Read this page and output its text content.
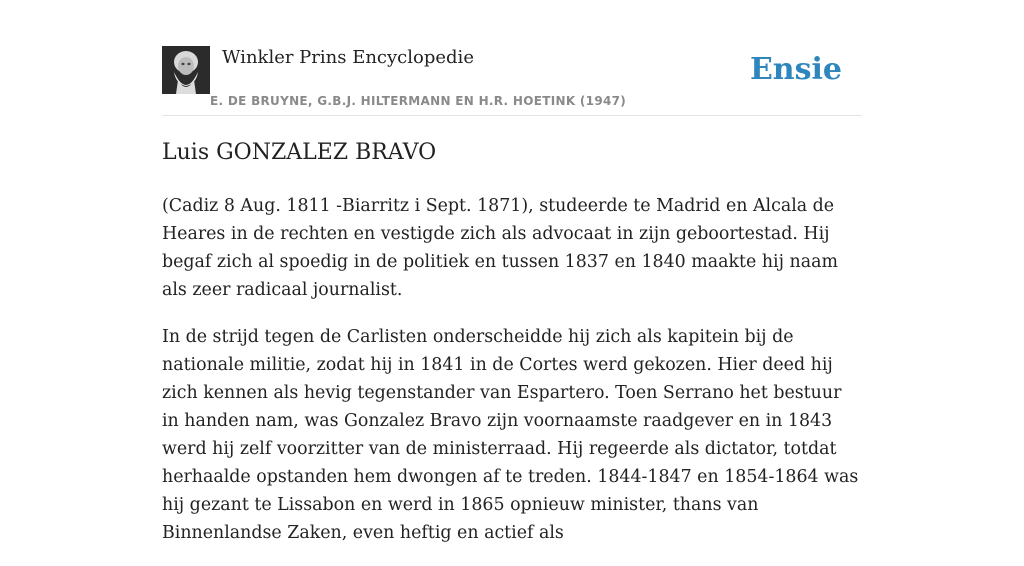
Winkler Prins Encyclopedie
E. DE BRUYNE, G.B.J. HILTERMANN EN H.R. HOETINK (1947)
Ensie
Luis GONZALEZ BRAVO

(Cadiz 8 Aug. 1811 -Biarritz i Sept. 1871), studeerde te Madrid en Alcala de Heares in de rechten en vestigde zich als advocaat in zijn geboortestad. Hij begaf zich al spoedig in de politiek en tussen 1837 en 1840 maakte hij naam als zeer radicaal journalist.

In de strijd tegen de Carlisten onderscheidde hij zich als kapitein bij de nationale militie, zodat hij in 1841 in de Cortes werd gekozen. Hier deed hij zich kennen als hevig tegenstander van Espartero. Toen Serrano het bestuur in handen nam, was Gonzalez Bravo zijn voornaamste raadgever en in 1843 werd hij zelf voorzitter van de ministerraad. Hij regeerde als dictator, totdat herhaalde opstanden hem dwongen af te treden. 1844-1847 en 1854-1864 was hij gezant te Lissabon en werd in 1865 opnieuw minister, thans van Binnenlandse Zaken, even heftig en actief als
